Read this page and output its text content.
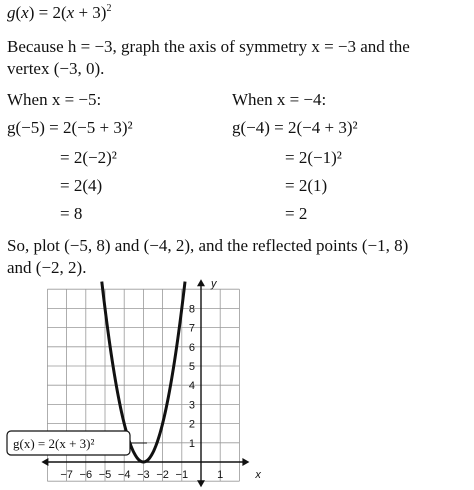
$g(x) = 2(x + 3)^2$
Because h = −3, graph the axis of symmetry x = −3 and the
vertex (−3, 0).
When x = −5:
g(−5) = 2(−5 + 3)²
= 2(−2)²
= 2(4)
= 8
When x = −4:
g(−4) = 2(−4 + 3)²
= 2(−1)²
= 2(1)
= 2
So, plot (−5, 8) and (−4, 2), and the reflected points (−1, 8)
and (−2, 2).
−7 −6 −5 −4 −3 −2 −1	1
1
2
3
4
5
6
7
8
x
y
g(x) = 2(x + 3)²
